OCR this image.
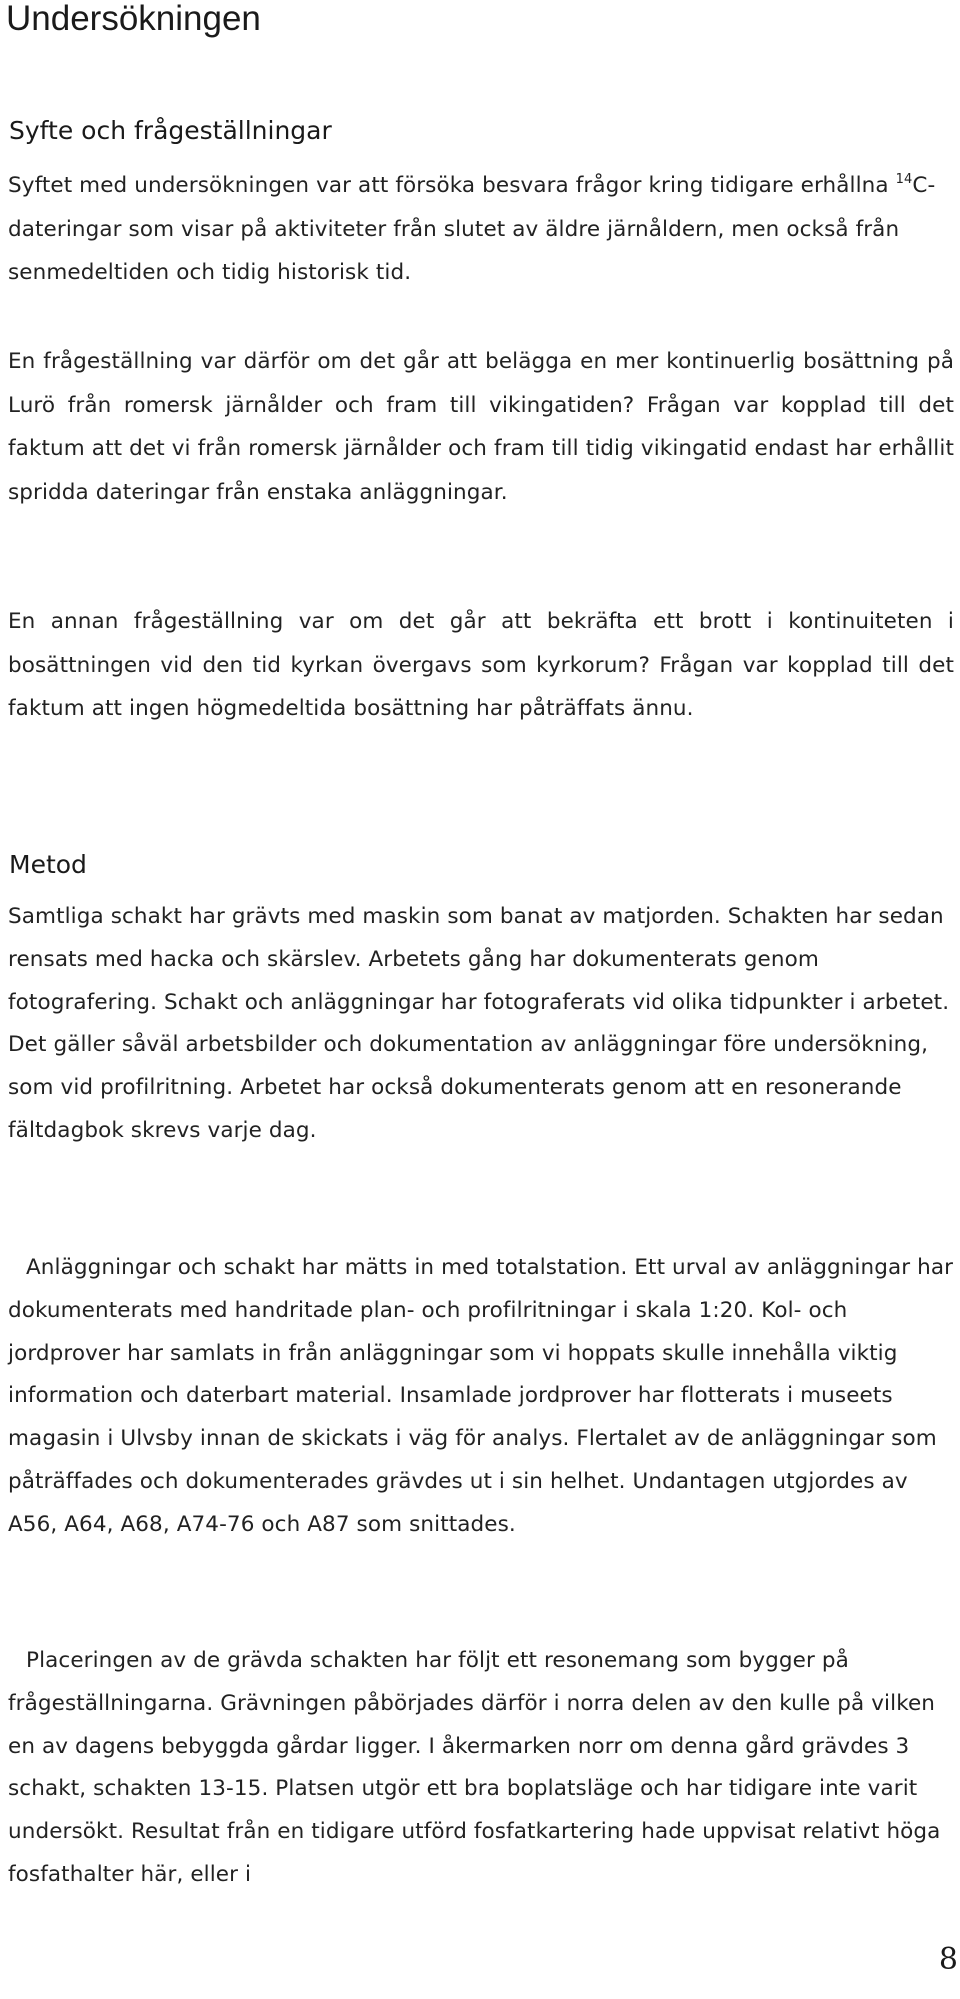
Undersökningen
Syfte och frågeställningar

Syftet med undersökningen var att försöka besvara frågor kring tidigare erhållna $^{14}$C-dateringar som visar på aktiviteter från slutet av äldre järnåldern, men också från senmedeltiden och tidig historisk tid.

En frågeställning var därför om det går att belägga en mer kontinuerlig bosättning på Lurö från romersk järnålder och fram till vikingatiden? Frågan var kopplad till det faktum att det vi från romersk järnålder och fram till tidig vikingatid endast har erhållit spridda dateringar från enstaka anläggningar.

En annan frågeställning var om det går att bekräfta ett brott i kontinuiteten i bosättningen vid den tid kyrkan övergavs som kyrkorum? Frågan var kopplad till det faktum att ingen högmedeltida bosättning har påträffats ännu.

Metod

Samtliga schakt har grävts med maskin som banat av matjorden. Schakten har sedan rensats med hacka och skärslev. Arbetets gång har dokumenterats genom fotografering. Schakt och anläggningar har fotograferats vid olika tidpunkter i arbetet. Det gäller såväl arbetsbilder och dokumentation av anläggningar före undersökning, som vid profilritning. Arbetet har också dokumenterats genom att en resonerande fältdagbok skrevs varje dag.

Anläggningar och schakt har mätts in med totalstation. Ett urval av anläggningar har dokumenterats med handritade plan- och profilritningar i skala 1:20. Kol- och jordprover har samlats in från anläggningar som vi hoppats skulle innehålla viktig information och daterbart material. Insamlade jordprover har flotterats i museets magasin i Ulvsby innan de skickats i väg för analys. Flertalet av de anläggningar som påträffades och dokumenterades grävdes ut i sin helhet. Undantagen utgjordes av A56, A64, A68, A74-76 och A87 som snittades.

Placeringen av de grävda schakten har följt ett resonemang som bygger på frågeställningarna. Grävningen påbörjades därför i norra delen av den kulle på vilken en av dagens bebyggda gårdar ligger. I åkermarken norr om denna gård grävdes 3 schakt, schakten 13-15. Platsen utgör ett bra boplatsläge och har tidigare inte varit undersökt. Resultat från en tidigare utförd fosfatkartering hade uppvisat relativt höga fosfathalter här, eller i

8
